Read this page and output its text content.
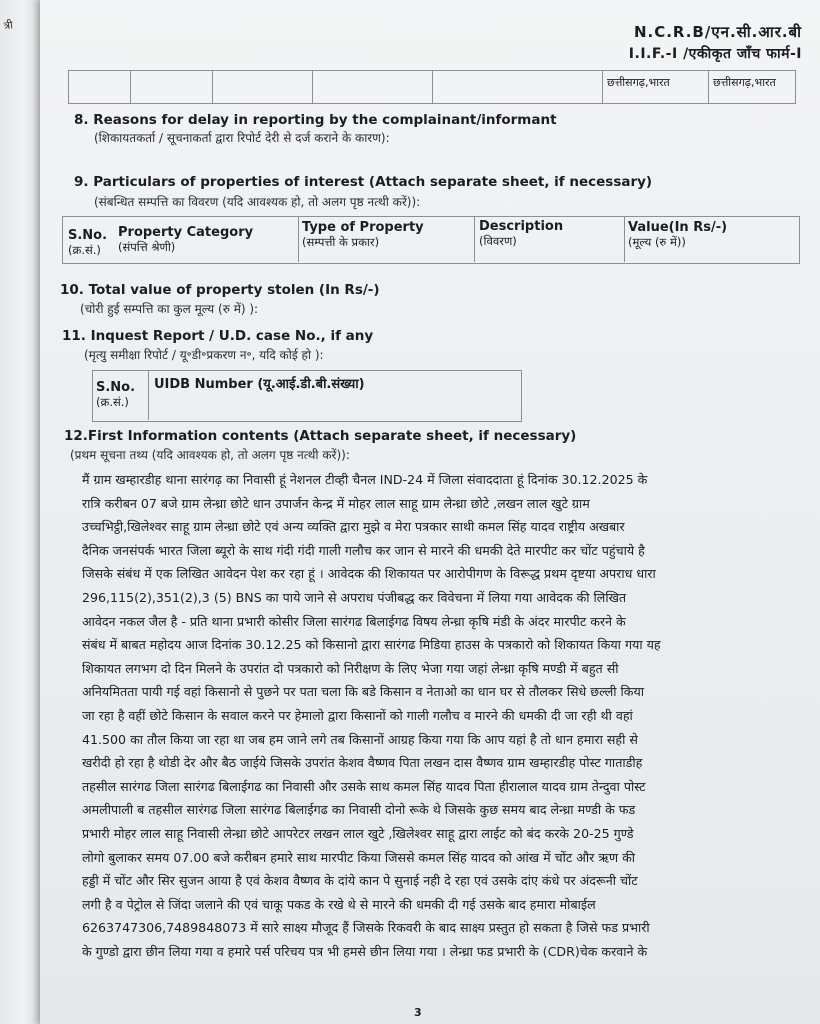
त्री	N.C.R.B/एन.सी.आर.बी
I.I.F.-I /एकीकृत जाँच फार्म-I
छत्तीसगढ़,भारत	छत्तीसगढ़,भारत
8. Reasons for delay in reporting by the complainant/informant
(शिकायतकर्ता / सूचनाकर्ता द्वारा रिपोर्ट देरी से दर्ज कराने के कारण):
9. Particulars of properties of interest (Attach separate sheet, if necessary)
(संबन्धित सम्पत्ति का विवरण (यदि आवश्यक हो, तो अलग पृष्ठ नत्थी करें)):
S.No.
(क्र.सं.)
Property Category
(संपत्ति श्रेणी)
Type of Property
(सम्पत्ती के प्रकार)
Description
(विवरण)
Value(In Rs/-)
(मूल्य (रु में))
10. Total value of property stolen (In Rs/-)
(चोरी हुई सम्पत्ति का कुल मूल्य (रु में) ):
11. Inquest Report / U.D. case No., if any
(मृत्यु समीक्षा रिपोर्ट / यू॰डी॰प्रकरण न॰, यदि कोई हो ):
S.No.
(क्र.सं.)
UIDB Number (यू.आई.डी.बी.संख्या)
12.First Information contents (Attach separate sheet, if necessary)
(प्रथम सूचना तथ्य (यदि आवश्यक हो, तो अलग पृष्ठ नत्थी करें)):

मैं ग्राम खम्हारडीह थाना सारंगढ़ का निवासी हूं नेशनल टीव्ही चैनल IND-24 में जिला संवाददाता हूं दिनांक 30.12.2025 के

रात्रि करीबन 07 बजे ग्राम लेन्ध्रा छोटे धान उपार्जन केन्द्र में मोहर लाल साहू ग्राम लेन्ध्रा छोटे ,लखन लाल खुटे ग्राम

उच्चभिट्ठी,खिलेश्वर साहू ग्राम लेन्ध्रा छोटे एवं अन्य व्यक्ति द्वारा मुझे व मेरा पत्रकार साथी कमल सिंह यादव राष्ट्रीय अखबार

दैनिक जनसंपर्क भारत जिला ब्यूरो के साथ गंदी गंदी गाली गलौच कर जान से मारने की धमकी देते मारपीट कर चोंट पहुंचाये है

जिसके संबंध में एक लिखित आवेदन पेश कर रहा हूं । आवेदक की शिकायत पर आरोपीगण के विरूद्ध प्रथम दृष्टया अपराध धारा

296,115(2),351(2),3 (5) BNS का पाये जाने से अपराध पंजीबद्ध कर विवेचना में लिया गया आवेदक की लिखित

आवेदन नकल जैल है - प्रति थाना प्रभारी कोसीर जिला सारंगढ बिलाईगढ विषय लेन्ध्रा कृषि मंडी के अंदर मारपीट करने के

संबंध में बाबत महोदय आज दिनांक 30.12.25 को किसानो द्वारा सारंगढ मिडिया हाउस के पत्रकारो को शिकायत किया गया यह

शिकायत लगभग दो दिन मिलने के उपरांत दो पत्रकारो को निरीक्षण के लिए भेजा गया जहां लेन्ध्रा कृषि मण्डी में बहुत सी

अनियमितता पायी गई वहां किसानो से पुछने पर पता चला कि बडे किसान व नेताओ का धान घर से तौलकर सिधे छल्ली किया

जा रहा है वहीं छोटे किसान के सवाल करने पर हेमालो द्वारा किसानों को गाली गलौच व मारने की धमकी दी जा रही थी वहां

41.500 का तौल किया जा रहा था जब हम जाने लगे तब किसानों आग्रह किया गया कि आप यहां है तो धान हमारा सही से

खरीदी हो रहा है थोडी देर और बैठ जाईये जिसके उपरांत केशव वैष्णव पिता लखन दास वैष्णव ग्राम खम्हारडीह पोस्ट गाताडीह

तहसील सारंगढ जिला सारंगढ बिलाईगढ का निवासी और उसके साथ कमल सिंह यादव पिता हीरालाल यादव ग्राम तेन्दुवा पोस्ट

अमलीपाली ब तहसील सारंगढ जिला सारंगढ बिलाईगढ का निवासी दोनो रूके थे जिसके कुछ समय बाद लेन्ध्रा मण्डी के फड

प्रभारी मोहर लाल साहू निवासी लेन्ध्रा छोटे आपरेटर लखन लाल खुटे ,खिलेश्वर साहू द्वारा लाईट को बंद करके 20-25 गुण्डे

लोगो बुलाकर समय 07.00 बजे करीबन हमारे साथ मारपीट किया जिससे कमल सिंह यादव को आंख में चोंट और ऋण की

हड्डी में चोंट और सिर सुजन आया है एवं केशव वैष्णव के दांये कान पे सुनाई नही दे रहा एवं उसके दांए कंधे पर अंदरूनी चोंट

लगी है व पेट्रोल से जिंदा जलाने की एवं चाकू पकड के रखे थे से मारने की धमकी दी गई उसके बाद हमारा मोबाईल

6263747306,7489848073 में सारे साक्ष्य मौजूद हैं जिसके रिकवरी के बाद साक्ष्य प्रस्तुत हो सकता है जिसे फड प्रभारी

के गुण्डो द्वारा छीन लिया गया व हमारे पर्स परिचय पत्र भी हमसे छीन लिया गया । लेन्ध्रा फड प्रभारी के (CDR)चेक करवाने के

3
